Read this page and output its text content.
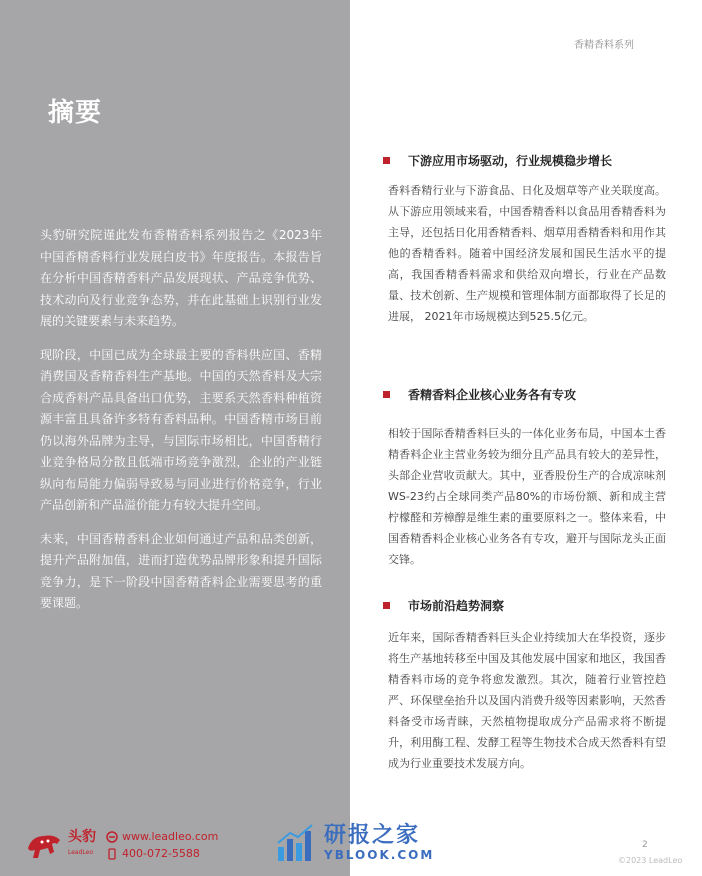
摘要

头豹研究院谨此发布香精香料系列报告之《2023年中国香精香料行业发展白皮书》年度报告。本报告旨在分析中国香精香料产品发展现状、产品竞争优势、技术动向及行业竞争态势，并在此基础上识别行业发展的关键要素与未来趋势。

现阶段，中国已成为全球最主要的香料供应国、香精消费国及香精香料生产基地。中国的天然香料及大宗合成香料产品具备出口优势，主要系天然香料种植资源丰富且具备许多特有香料品种。中国香精市场目前仍以海外品牌为主导，与国际市场相比，中国香精行业竞争格局分散且低端市场竞争激烈，企业的产业链纵向布局能力偏弱导致易与同业进行价格竞争，行业产品创新和产品溢价能力有较大提升空间。

未来，中国香精香料企业如何通过产品和品类创新，提升产品附加值，进而打造优势品牌形象和提升国际竞争力，是下一阶段中国香精香料企业需要思考的重要课题。

香精香料系列
下游应用市场驱动，行业规模稳步增长

香料香精行业与下游食品、日化及烟草等产业关联度高。从下游应用领域来看，中国香精香料以食品用香精香料为主导，还包括日化用香精香料、烟草用香精香料和用作其他的香精香料。随着中国经济发展和国民生活水平的提高，我国香精香料需求和供给双向增长，行业在产品数量、技术创新、生产规模和管理体制方面都取得了长足的进展， 2021年市场规模达到525.5亿元。

香精香料企业核心业务各有专攻

相较于国际香精香料巨头的一体化业务布局，中国本土香精香料企业主营业务较为细分且产品具有较大的差异性，头部企业营收贡献大。其中，亚香股份生产的合成凉味剂WS-23约占全球同类产品80%的市场份额、新和成主营柠檬醛和芳樟醇是维生素的重要原料之一。整体来看，中国香精香料企业核心业务各有专攻，避开与国际龙头正面交锋。

市场前沿趋势洞察

近年来，国际香精香料巨头企业持续加大在华投资，逐步将生产基地转移至中国及其他发展中国家和地区，我国香精香料市场的竞争将愈发激烈。其次，随着行业管控趋严、环保壁垒抬升以及国内消费升级等因素影响，天然香料备受市场青睐，天然植物提取成分产品需求将不断提升，利用酶工程、发酵工程等生物技术合成天然香料有望成为行业重要技术发展方向。

头豹
LeadLeo
www.leadleo.com
400-072-5588
研报之家
YBLOOK.COM
2
©2023 LeadLeo
